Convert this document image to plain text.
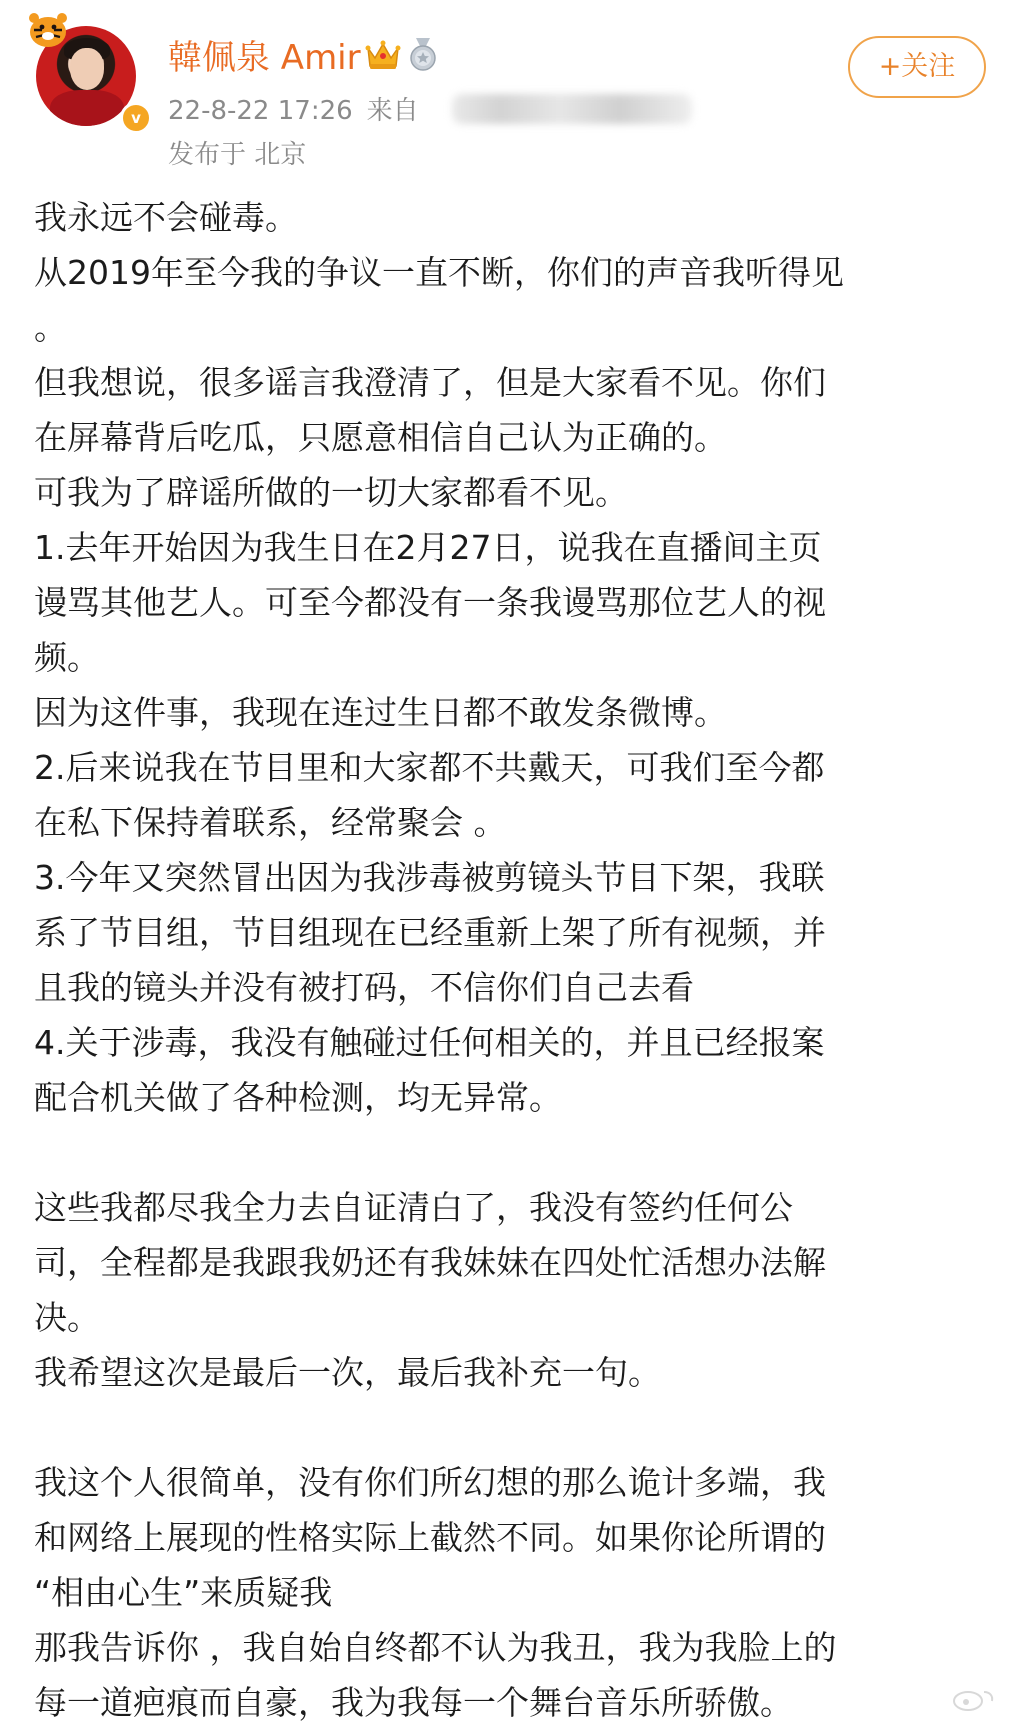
v
韓佩泉 Amir
22-8-22 17:26 来自
发布于 北京
+关注
我永远不会碰毒。
从2019年至今我的争议一直不断，你们的声音我听得见
。
但我想说，很多谣言我澄清了，但是大家看不见。你们
在屏幕背后吃瓜，只愿意相信自己认为正确的。
可我为了辟谣所做的一切大家都看不见。
1.去年开始因为我生日在2月27日，说我在直播间主页
谩骂其他艺人。可至今都没有一条我谩骂那位艺人的视
频。
因为这件事，我现在连过生日都不敢发条微博。
2.后来说我在节目里和大家都不共戴天，可我们至今都
在私下保持着联系，经常聚会 。
3.今年又突然冒出因为我涉毒被剪镜头节目下架，我联
系了节目组，节目组现在已经重新上架了所有视频，并
且我的镜头并没有被打码，不信你们自己去看
4.关于涉毒，我没有触碰过任何相关的，并且已经报案
配合机关做了各种检测，均无异常。
这些我都尽我全力去自证清白了，我没有签约任何公
司，全程都是我跟我奶还有我妹妹在四处忙活想办法解
决。
我希望这次是最后一次，最后我补充一句。
我这个人很简单，没有你们所幻想的那么诡计多端，我
和网络上展现的性格实际上截然不同。如果你论所谓的
“相由心生”来质疑我
那我告诉你 ，我自始自终都不认为我丑，我为我脸上的
每一道疤痕而自豪，我为我每一个舞台音乐所骄傲。
